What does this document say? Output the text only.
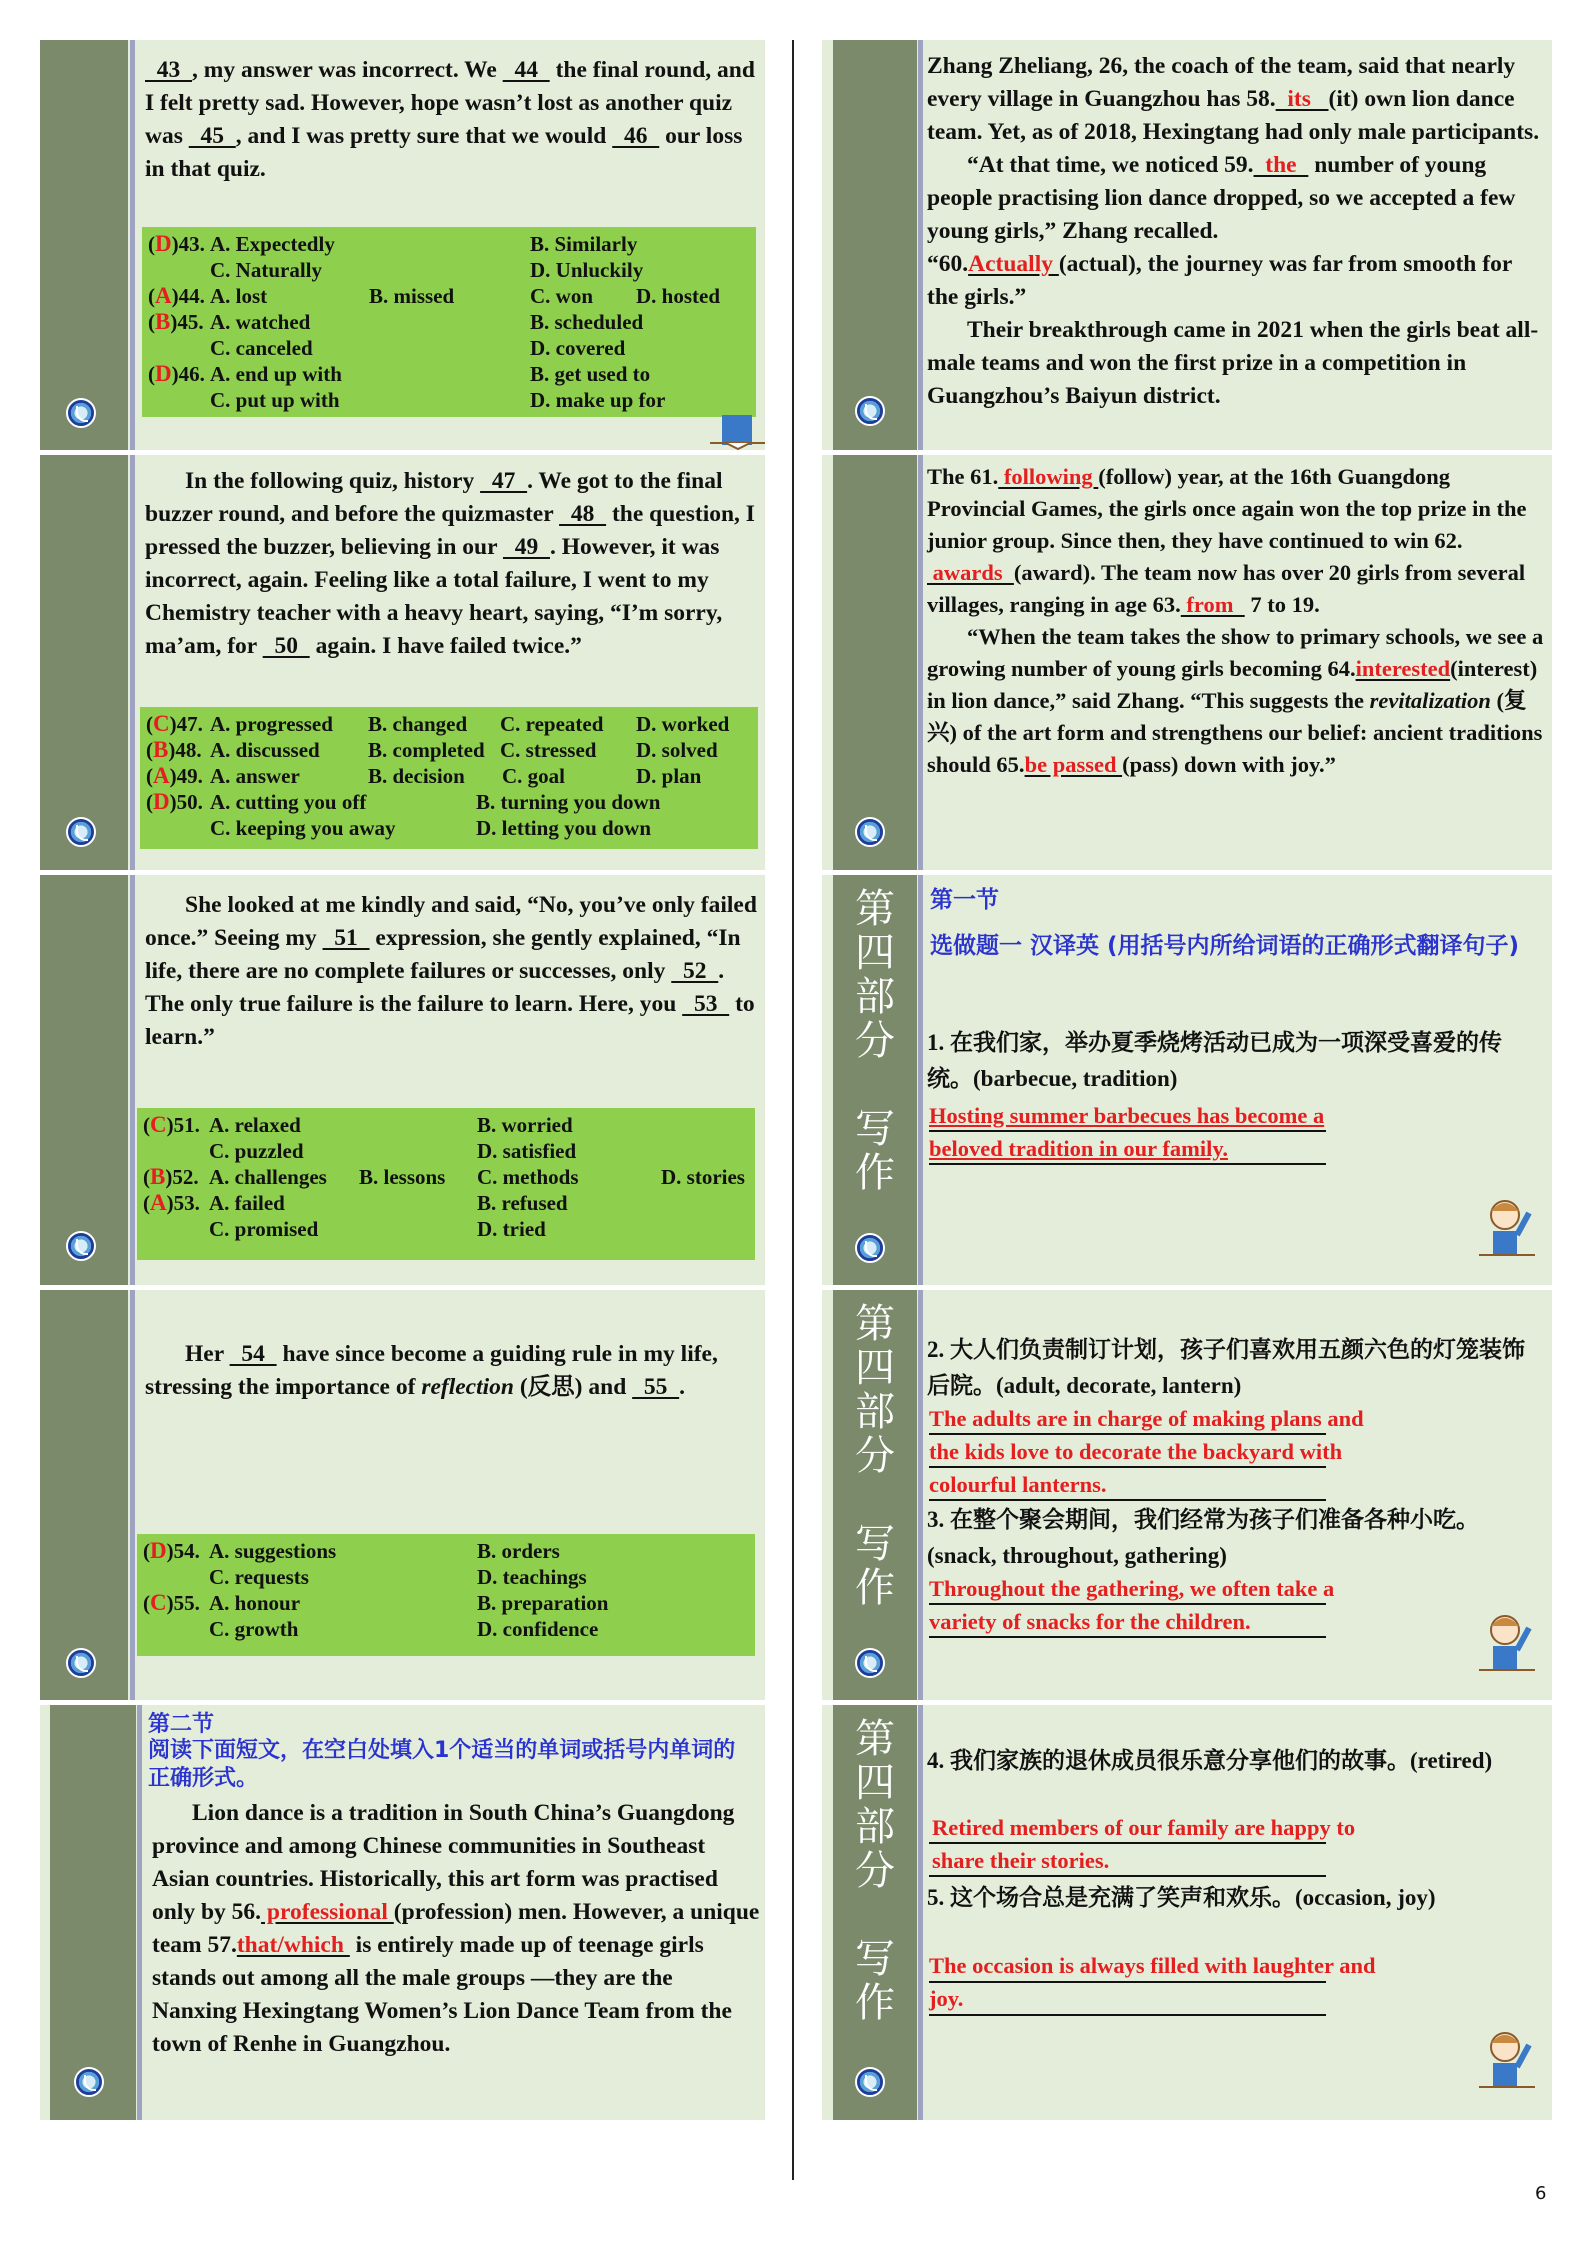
43  , my answer was incorrect. We   44   the final round, and I felt pretty sad. However, hope wasn’t lost as another quiz was   45  , and I was pretty sure that we would   46   our loss in that quiz.
(D)43. A. Expectedly	B. Similarly
C. Naturally	D. Unluckily
(A)44. A. lost	B. missed	C. won D. hosted
(B)45. A. watched	B. scheduled
C. canceled	D. covered
(D)46. A. end up with	B. get used to
C. put up with	D. make up for
In the following quiz, history   47  . We got to the final buzzer round, and before the quizmaster   48   the question, I pressed the buzzer, believing in our   49  . However, it was incorrect, again. Feeling like a total failure, I went to my Chemistry teacher with a heavy heart, saying, “I’m sorry, ma’am, for   50   again. I have failed twice.”
(C)47. A. progressed B. changed C. repeated D. worked
(B)48. A. discussed B. completed C. stressed D. solved
(A)49. A. answer	B. decision C. goal	D. plan
(D)50. A. cutting you off	B. turning you down
C. keeping you away	D. letting you down
She looked at me kindly and said, “No, you’ve only failed once.” Seeing my   51   expression, she gently explained, “In life, there are no complete failures or successes, only   52  . The only true failure is the failure to learn. Here, you   53   to learn.”
(C)51. A. relaxed	B. worried
C. puzzled	D. satisfied
(B)52. A. challenges B. lessons C. methods	D. stories
(A)53. A. failed	B. refused
C. promised	D. tried
Her   54   have since become a guiding rule in my life, stressing the importance of reflection (反思) and   55  .
(D)54. A. suggestions	B. orders
C. requests	D. teachings
(C)55. A. honour	B. preparation
C. growth	D. confidence
第二节
阅读下面短文，在空白处填入1个适当的单词或括号内单词的正确形式。
Lion dance is a tradition in South China’s Guangdong province and among Chinese communities in Southeast Asian countries. Historically, this art form was practised only by 56. professional (profession) men. However, a unique team 57.that/which  is entirely made up of teenage girls stands out among all the male groups —they are the Nanxing Hexingtang Women’s Lion Dance Team from the town of Renhe in Guangzhou.
Zhang Zheliang, 26, the coach of the team, said that nearly every village in Guangzhou has 58.  its   (it) own lion dance team. Yet, as of 2018, Hexingtang had only male participants.
“At that time, we noticed 59.  the   number of young people practising lion dance dropped, so we accepted a few young girls,” Zhang recalled.
“60.Actually (actual), the journey was far from smooth for the girls.”
Their breakthrough came in 2021 when the girls beat all-male teams and won the first prize in a competition in Guangzhou’s Baiyun district.
The 61. following (follow) year, at the 16th Guangdong Provincial Games, the girls once again won the top prize in the junior group. Since then, they have continued to win 62. awards  (award). The team now has over 20 girls from several villages, ranging in age 63. from   7 to 19.
“When the team takes the show to primary schools, we see a growing number of young girls becoming 64.interested(interest) in lion dance,” said Zhang. “This suggests the revitalization (复兴) of the art form and strengthens our belief: ancient traditions should 65.be passed (pass) down with joy.”
第
四
部
分
写
作
第一节
选做题一 汉译英 (用括号内所给词语的正确形式翻译句子)
1. 在我们家，举办夏季烧烤活动已成为一项深受喜爱的传统。(barbecue, tradition)
Hosting summer barbecues has become a
beloved tradition in our family.
第
四
部
分
写
作
2. 大人们负责制订计划，孩子们喜欢用五颜六色的灯笼装饰后院。(adult, decorate, lantern)
The adults are in charge of making plans and
the kids love to decorate the backyard with
colourful lanterns.
3. 在整个聚会期间，我们经常为孩子们准备各种小吃。(snack, throughout, gathering)
Throughout the gathering, we often take a
variety of snacks for the children.
第
四
部
分
写
作
4. 我们家族的退休成员很乐意分享他们的故事。(retired)
Retired members of our family are happy to
share their stories.
5. 这个场合总是充满了笑声和欢乐。(occasion, joy)
The occasion is always filled with laughter and
joy.
6
